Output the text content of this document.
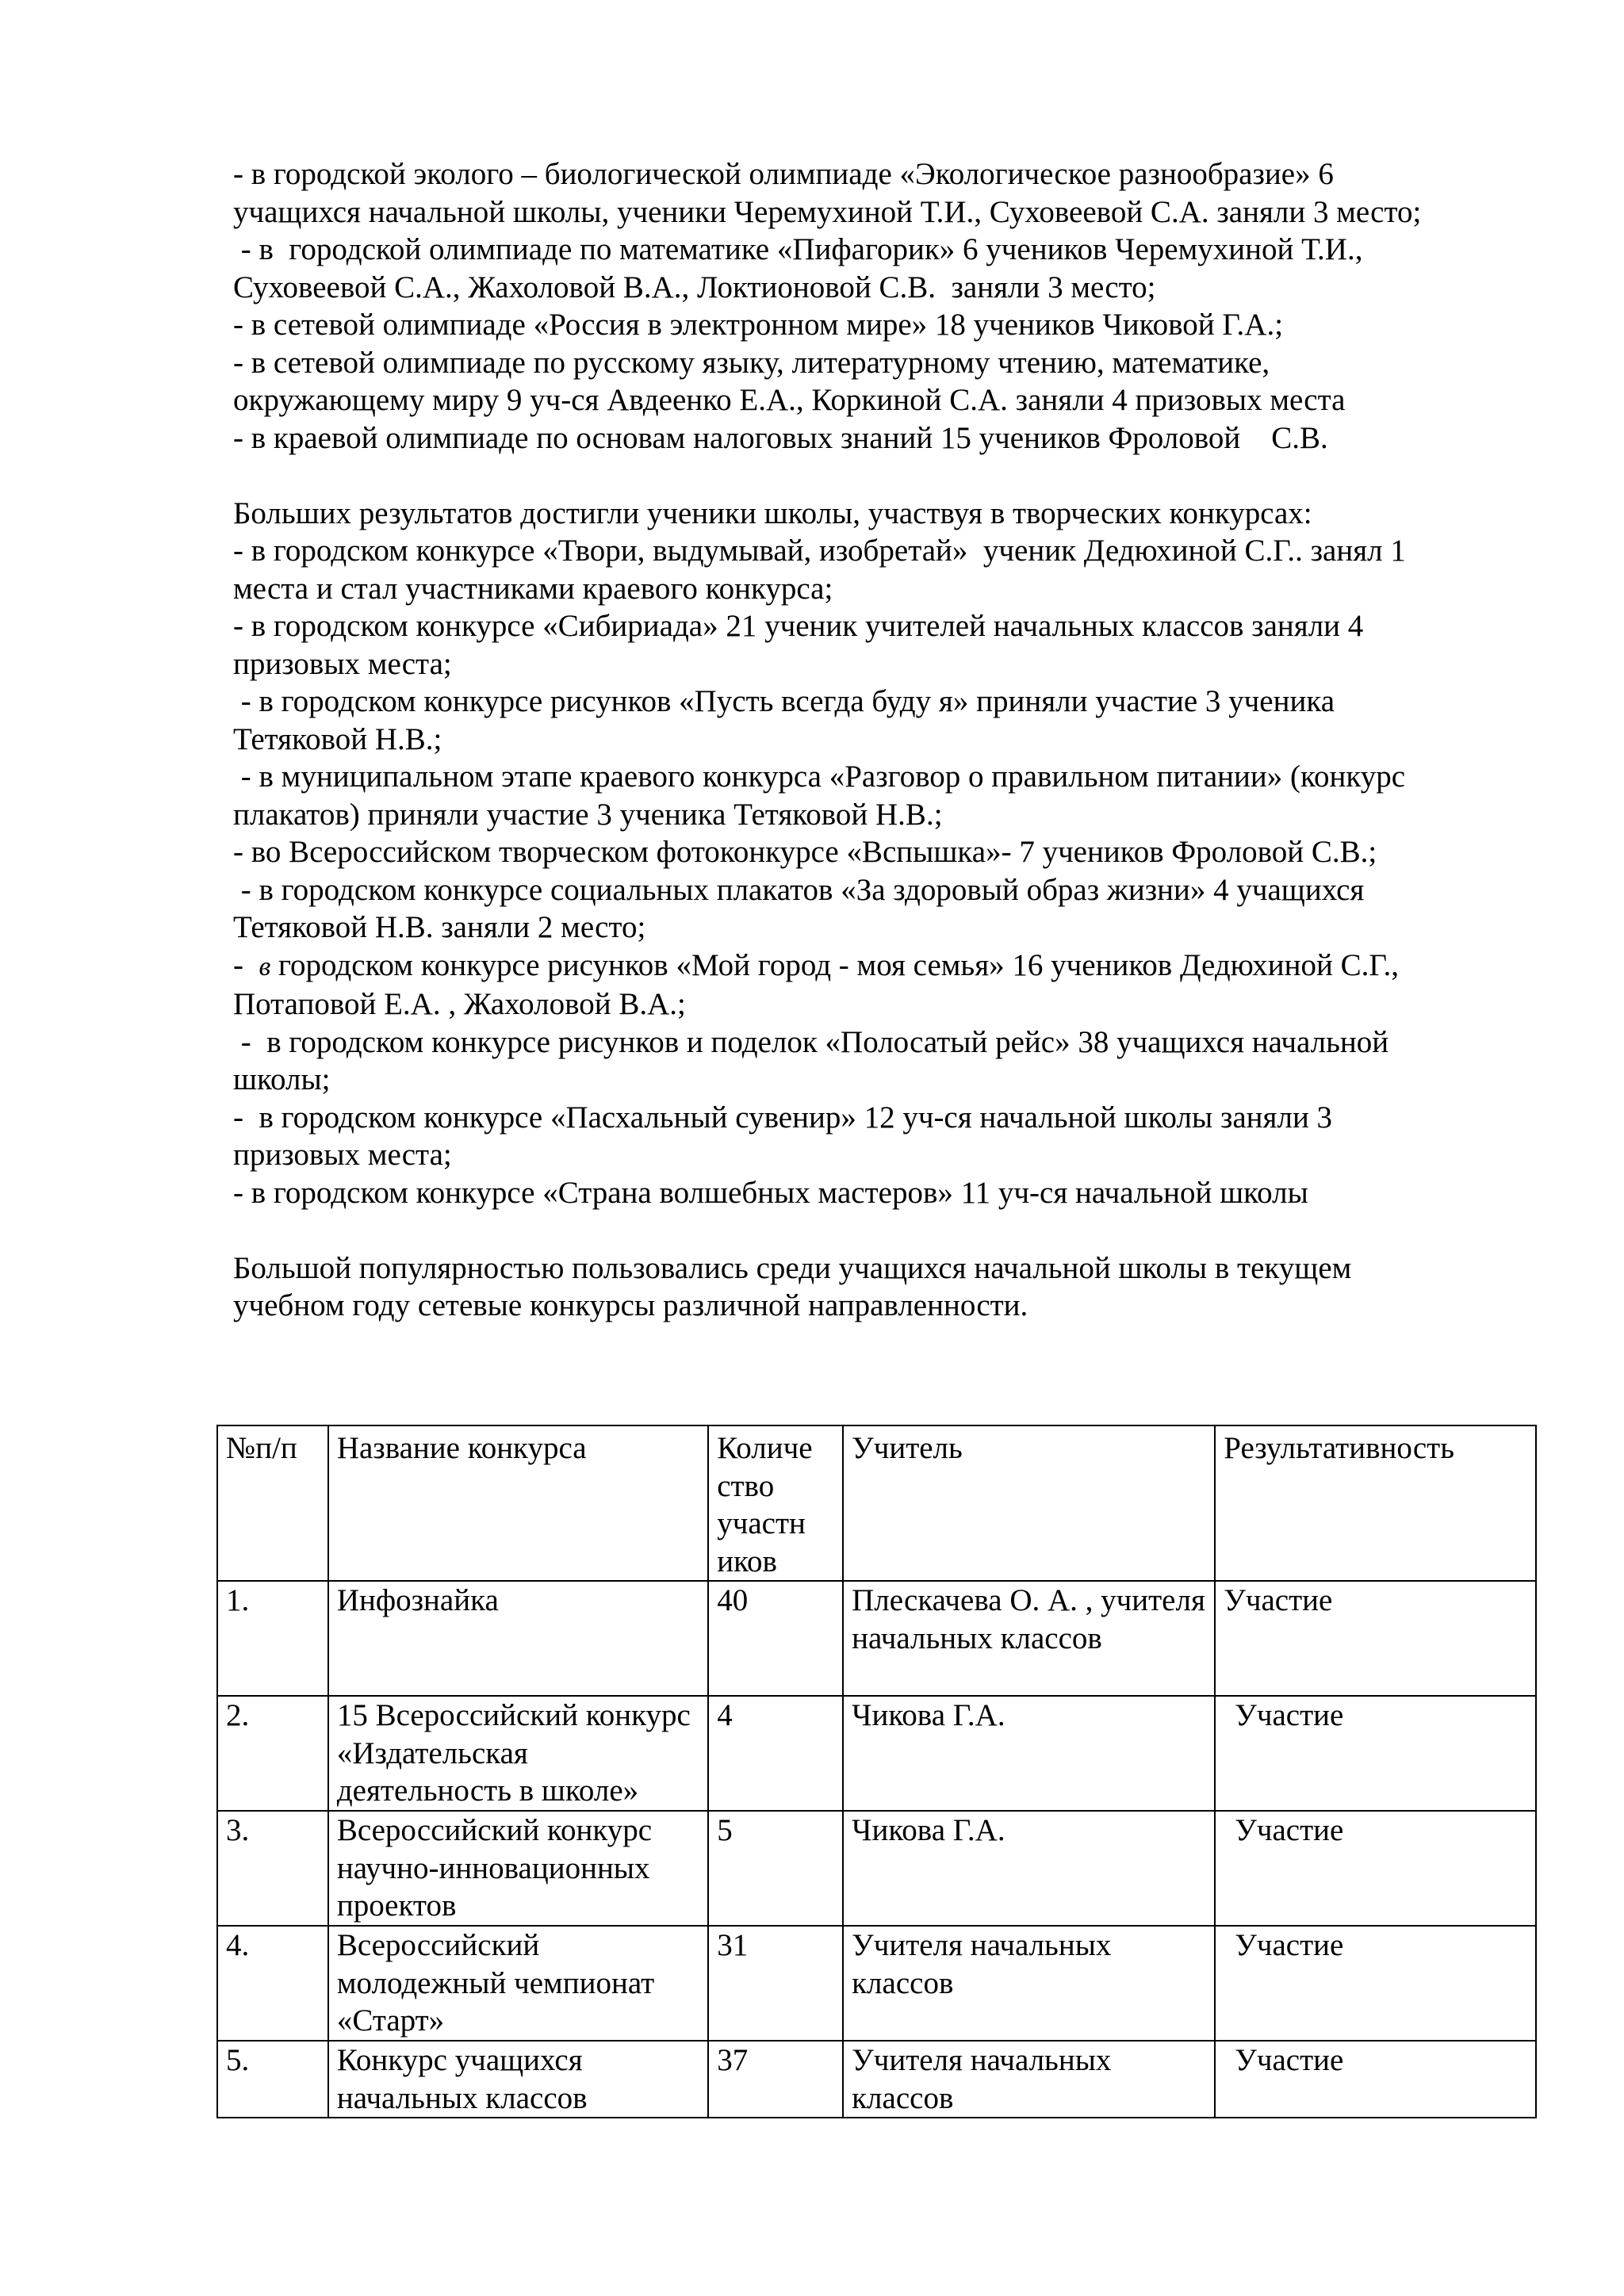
- в городской эколого – биологической олимпиаде «Экологическое разнообразие» 6

учащихся начальной школы, ученики Черемухиной Т.И., Суховеевой С.А. заняли 3 место;

- в  городской олимпиаде по математике «Пифагорик» 6 учеников Черемухиной Т.И.,

Суховеевой С.А., Жахоловой В.А., Локтионовой С.В.  заняли 3 место;

- в сетевой олимпиаде «Россия в электронном мире» 18 учеников Чиковой Г.А.;

- в сетевой олимпиаде по русскому языку, литературному чтению, математике,

окружающему миру 9 уч-ся Авдеенко Е.А., Коркиной С.А. заняли 4 призовых места

- в краевой олимпиаде по основам налоговых знаний 15 учеников Фроловой    С.В.

Больших результатов достигли ученики школы, участвуя в творческих конкурсах:

- в городском конкурсе «Твори, выдумывай, изобретай»  ученик Дедюхиной С.Г.. занял 1

места и стал участниками краевого конкурса;

- в городском конкурсе «Сибириада» 21 ученик учителей начальных классов заняли 4

призовых места;

- в городском конкурсе рисунков «Пусть всегда буду я» приняли участие 3 ученика

Тетяковой Н.В.;

- в муниципальном этапе краевого конкурса «Разговор о правильном питании» (конкурс

плакатов) приняли участие 3 ученика Тетяковой Н.В.;

- во Всероссийском творческом фотоконкурсе «Вспышка»- 7 учеников Фроловой С.В.;

- в городском конкурсе социальных плакатов «За здоровый образ жизни» 4 учащихся

Тетяковой Н.В. заняли 2 место;

-  в городском конкурсе рисунков «Мой город - моя семья» 16 учеников Дедюхиной С.Г.,

Потаповой Е.А. , Жахоловой В.А.;

-  в городском конкурсе рисунков и поделок «Полосатый рейс» 38 учащихся начальной

школы;

-  в городском конкурсе «Пасхальный сувенир» 12 уч-ся начальной школы заняли 3

призовых места;

- в городском конкурсе «Страна волшебных мастеров» 11 уч-ся начальной школы

Большой популярностью пользовались среди учащихся начальной школы в текущем

учебном году сетевые конкурсы различной направленности.

№п/п	Название конкурса	Количе ство участн иков	Учитель	Результативность
1.	Инфознайка	40	Плескачева О. А. , учителя начальных классов	Участие
2.	15 Всероссийский конкурс «Издательская деятельность в школе»	4	Чикова Г.А.	Участие
3.	Всероссийский конкурс научно-инновационных проектов	5	Чикова Г.А.	Участие
4.	Всероссийский молодежный чемпионат «Старт»	31	Учителя начальных классов	Участие
5.	Конкурс учащихся начальных классов	37	Учителя начальных классов	Участие
